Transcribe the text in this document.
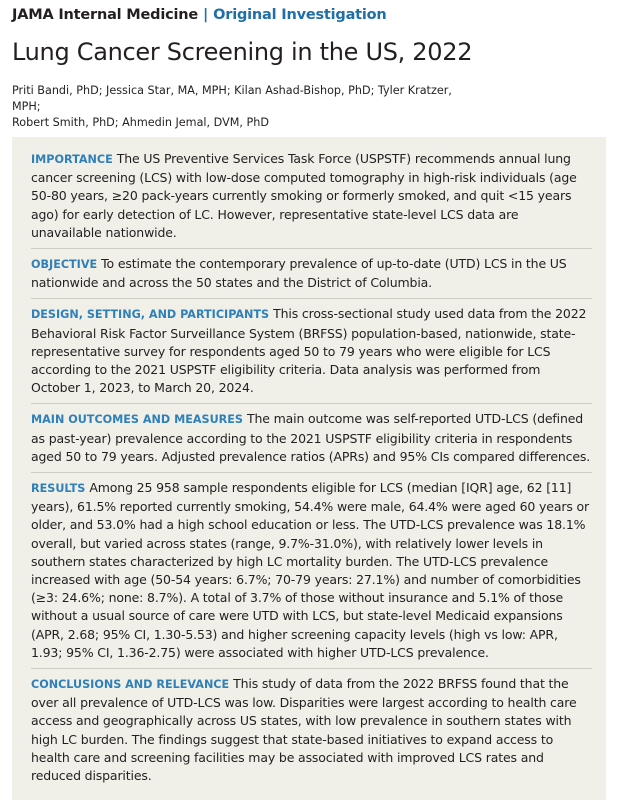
JAMA Internal Medicine | Original Investigation
Lung Cancer Screening in the US, 2022
Priti Bandi, PhD; Jessica Star, MA, MPH; Kilan Ashad-Bishop, PhD; Tyler Kratzer, MPH;
Robert Smith, PhD; Ahmedin Jemal, DVM, PhD

IMPORTANCE The US Preventive Services Task Force (USPSTF) recommends annual lung cancer screening (LCS) with low-dose computed tomography in high-risk individuals (age 50-80 years, ≥20 pack-years currently smoking or formerly smoked, and quit <15 years ago) for early detection of LC. However, representative state-level LCS data are unavailable nationwide.

OBJECTIVE To estimate the contemporary prevalence of up-to-date (UTD) LCS in the US nationwide and across the 50 states and the District of Columbia.

DESIGN, SETTING, AND PARTICIPANTS This cross-sectional study used data from the 2022 Behavioral Risk Factor Surveillance System (BRFSS) population-based, nationwide, state-representative survey for respondents aged 50 to 79 years who were eligible for LCS according to the 2021 USPSTF eligibility criteria. Data analysis was performed from October 1, 2023, to March 20, 2024.

MAIN OUTCOMES AND MEASURES The main outcome was self-reported UTD-LCS (defined as past-year) prevalence according to the 2021 USPSTF eligibility criteria in respondents aged 50 to 79 years. Adjusted prevalence ratios (APRs) and 95% CIs compared differences.

RESULTS Among 25 958 sample respondents eligible for LCS (median [IQR] age, 62 [11] years), 61.5% reported currently smoking, 54.4% were male, 64.4% were aged 60 years or older, and 53.0% had a high school education or less. The UTD-LCS prevalence was 18.1% overall, but varied across states (range, 9.7%-31.0%), with relatively lower levels in southern states characterized by high LC mortality burden. The UTD-LCS prevalence increased with age (50-54 years: 6.7%; 70-79 years: 27.1%) and number of comorbidities (≥3: 24.6%; none: 8.7%). A total of 3.7% of those without insurance and 5.1% of those without a usual source of care were UTD with LCS, but state-level Medicaid expansions (APR, 2.68; 95% CI, 1.30-5.53) and higher screening capacity levels (high vs low: APR, 1.93; 95% CI, 1.36-2.75) were associated with higher UTD-LCS prevalence.

CONCLUSIONS AND RELEVANCE This study of data from the 2022 BRFSS found that the over all prevalence of UTD-LCS was low. Disparities were largest according to health care access and geographically across US states, with low prevalence in southern states with high LC burden. The findings suggest that state-based initiatives to expand access to health care and screening facilities may be associated with improved LCS rates and reduced disparities.
